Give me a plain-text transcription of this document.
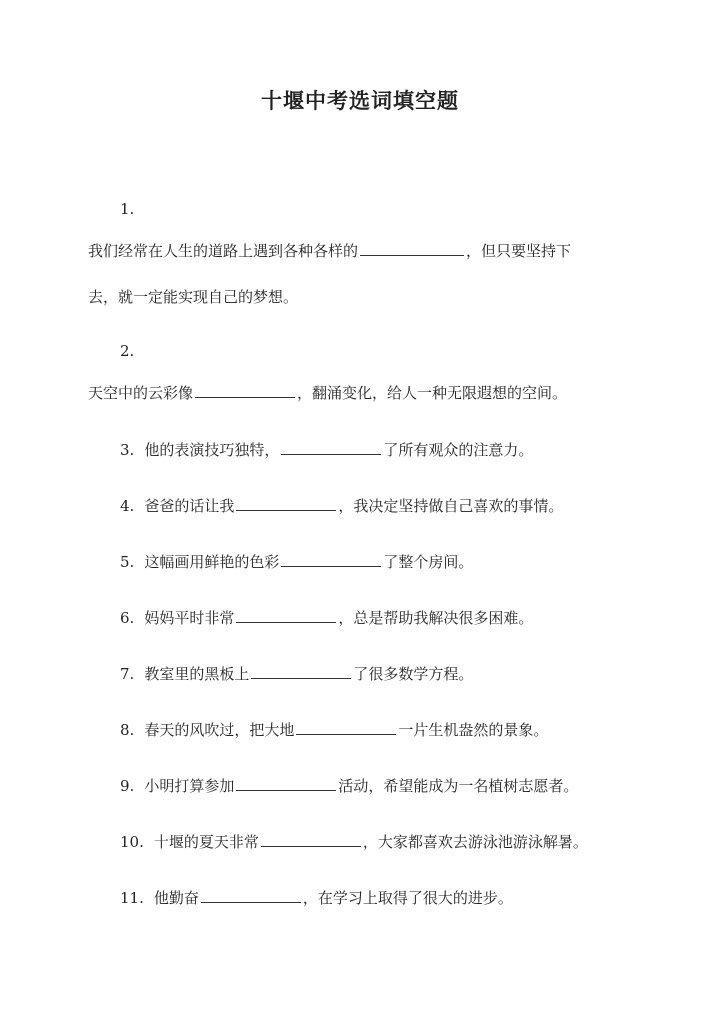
十堰中考选词填空题
1.
我们经常在人生的道路上遇到各种各样的	，但只要坚持下
去，就一定能实现自己的梦想。
2.
天空中的云彩像	，翻涌变化，给人一种无限遐想的空间。
3. 他的表演技巧独特，	了所有观众的注意力。
4. 爸爸的话让我	，我决定坚持做自己喜欢的事情。
5. 这幅画用鲜艳的色彩	了整个房间。
6. 妈妈平时非常	，总是帮助我解决很多困难。
7. 教室里的黑板上	了很多数学方程。
8. 春天的风吹过，把大地	一片生机盎然的景象。
9. 小明打算参加	活动，希望能成为一名植树志愿者。
10. 十堰的夏天非常	，大家都喜欢去游泳池游泳解暑。
11. 他勤奋	，在学习上取得了很大的进步。
